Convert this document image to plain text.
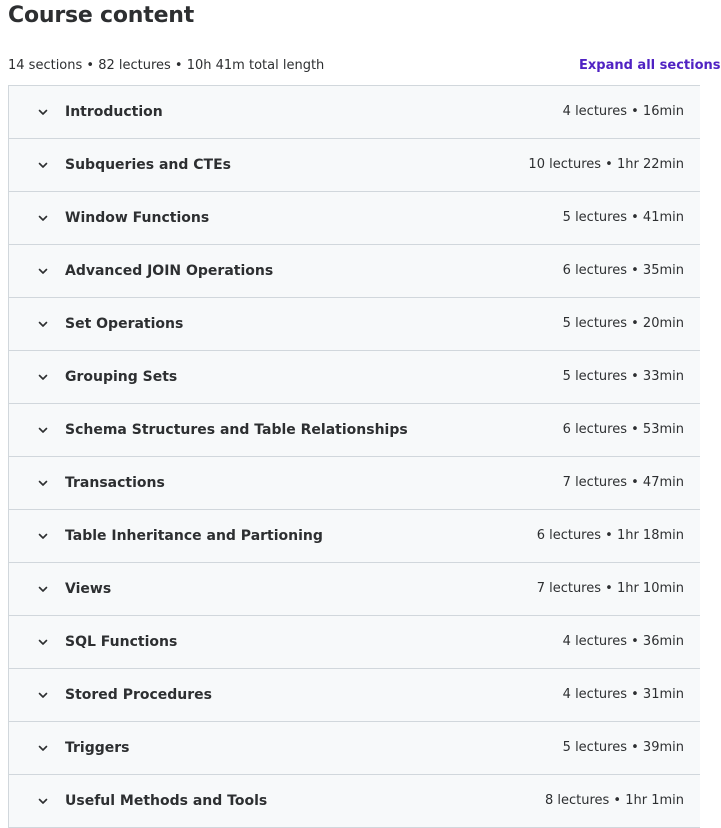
Course content
14 sections • 82 lectures • 10h 41m total length	Expand all sections
Introduction	4 lectures • 16min
Subqueries and CTEs	10 lectures • 1hr 22min
Window Functions	5 lectures • 41min
Advanced JOIN Operations	6 lectures • 35min
Set Operations	5 lectures • 20min
Grouping Sets	5 lectures • 33min
Schema Structures and Table Relationships	6 lectures • 53min
Transactions	7 lectures • 47min
Table Inheritance and Partioning	6 lectures • 1hr 18min
Views	7 lectures • 1hr 10min
SQL Functions	4 lectures • 36min
Stored Procedures	4 lectures • 31min
Triggers	5 lectures • 39min
Useful Methods and Tools	8 lectures • 1hr 1min
